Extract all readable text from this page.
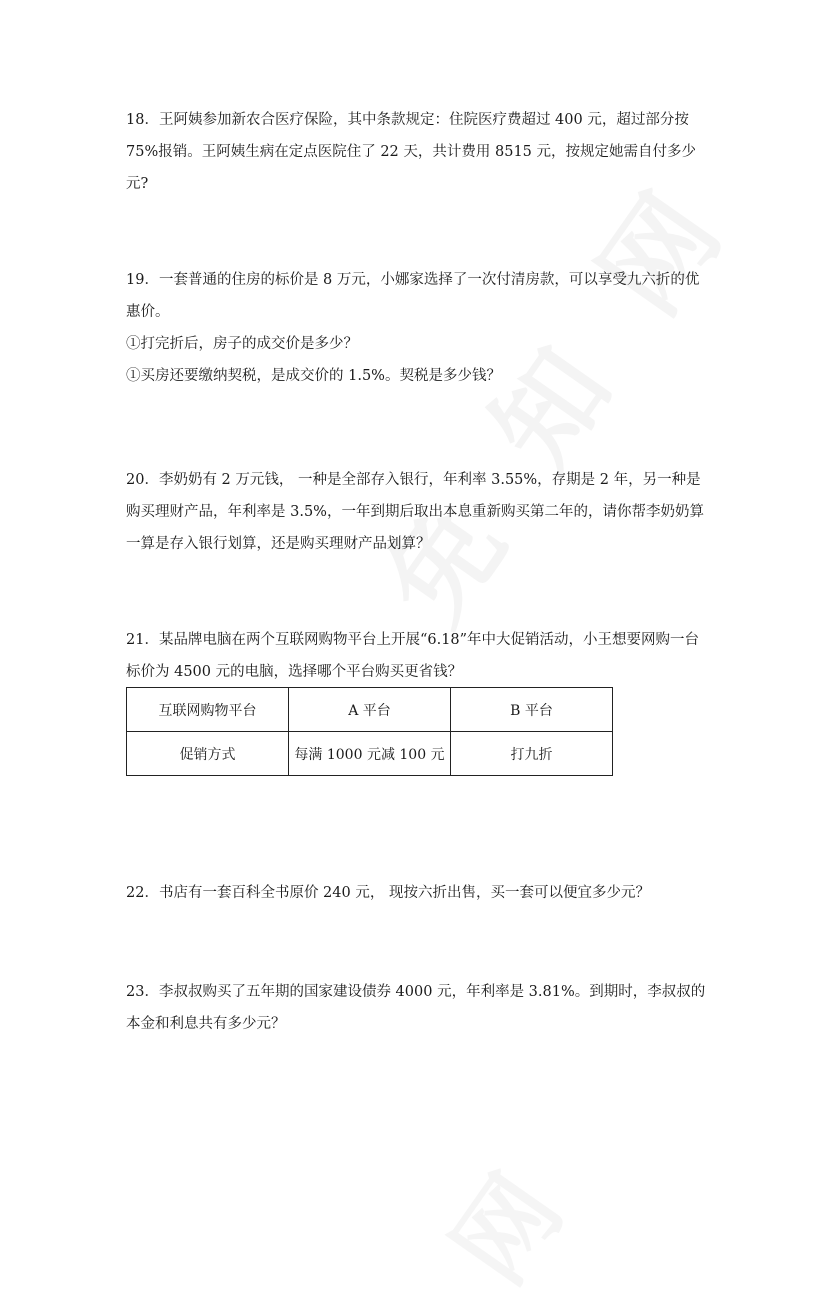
18．王阿姨参加新农合医疗保险，其中条款规定：住院医疗费超过 400 元，超过部分按 75%报销。王阿姨生病在定点医院住了 22 天，共计费用 8515 元，按规定她需自付多少元?

19．一套普通的住房的标价是 8 万元，小娜家选择了一次付清房款，可以享受九六折的优惠价。

①打完折后，房子的成交价是多少？

①买房还要缴纳契税，是成交价的 1.5%。契税是多少钱？

20．李奶奶有 2 万元钱， 一种是全部存入银行，年利率 3.55%，存期是 2 年，另一种是购买理财产品，年利率是 3.5%，一年到期后取出本息重新购买第二年的，请你帮李奶奶算一算是存入银行划算，还是购买理财产品划算？

21．某品牌电脑在两个互联网购物平台上开展“6.18”年中大促销活动，小王想要网购一台标价为 4500 元的电脑，选择哪个平台购买更省钱？

互联网购物平台	A 平台	B 平台
促销方式	每满 1000 元减 100 元	打九折

22．书店有一套百科全书原价 240 元， 现按六折出售，买一套可以便宜多少元？

23．李叔叔购买了五年期的国家建设债券 4000 元，年利率是 3.81%。到期时，李叔叔的本金和利息共有多少元？
